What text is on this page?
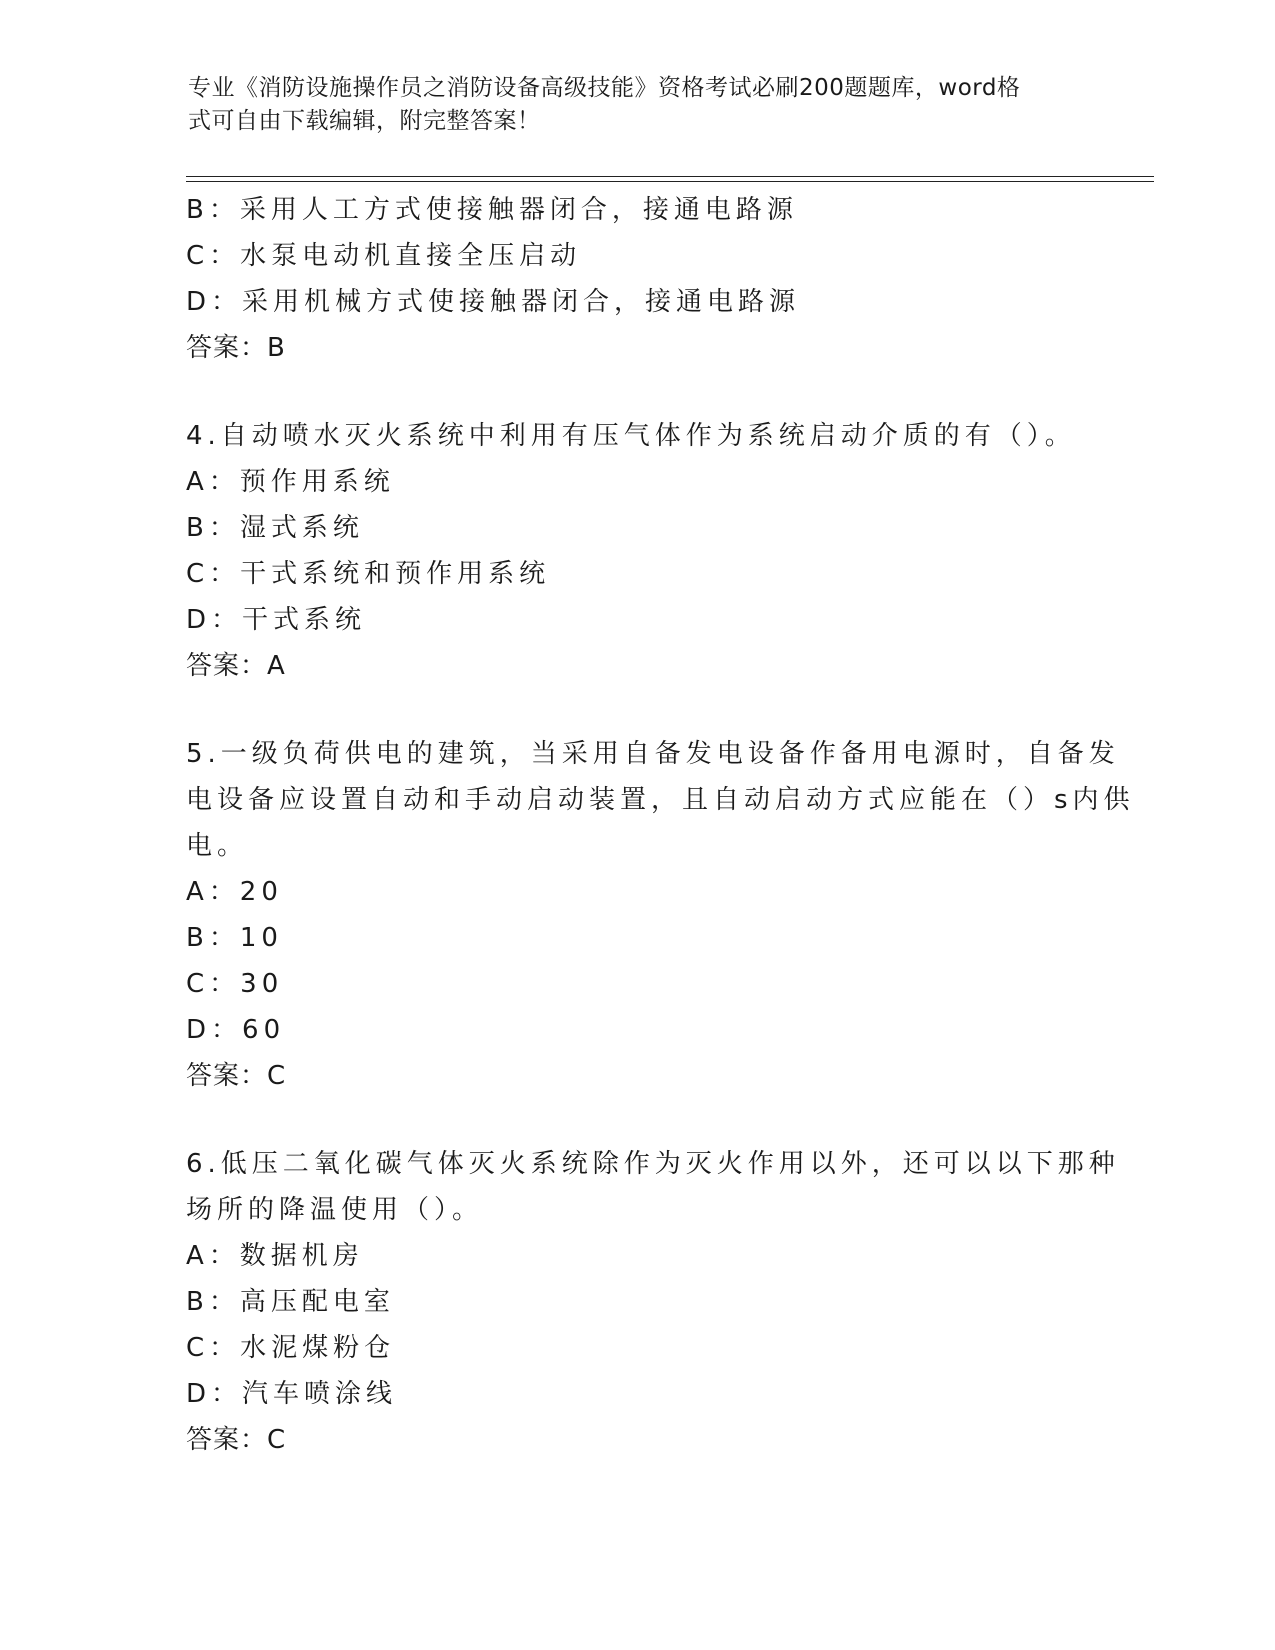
专业《消防设施操作员之消防设备高级技能》资格考试必刷200题题库，word格
式可自由下载编辑，附完整答案！
B：采用人工方式使接触器闭合，接通电路源
C：水泵电动机直接全压启动
D：采用机械方式使接触器闭合，接通电路源
答案：B
4.自动喷水灭火系统中利用有压气体作为系统启动介质的有（）。
A：预作用系统
B：湿式系统
C：干式系统和预作用系统
D：干式系统
答案：A
5.一级负荷供电的建筑，当采用自备发电设备作备用电源时，自备发
电设备应设置自动和手动启动装置，且自动启动方式应能在（）s内供
电。
A：20
B：10
C：30
D：60
答案：C
6.低压二氧化碳气体灭火系统除作为灭火作用以外，还可以以下那种
场所的降温使用（）。
A：数据机房
B：高压配电室
C：水泥煤粉仓
D：汽车喷涂线
答案：C
